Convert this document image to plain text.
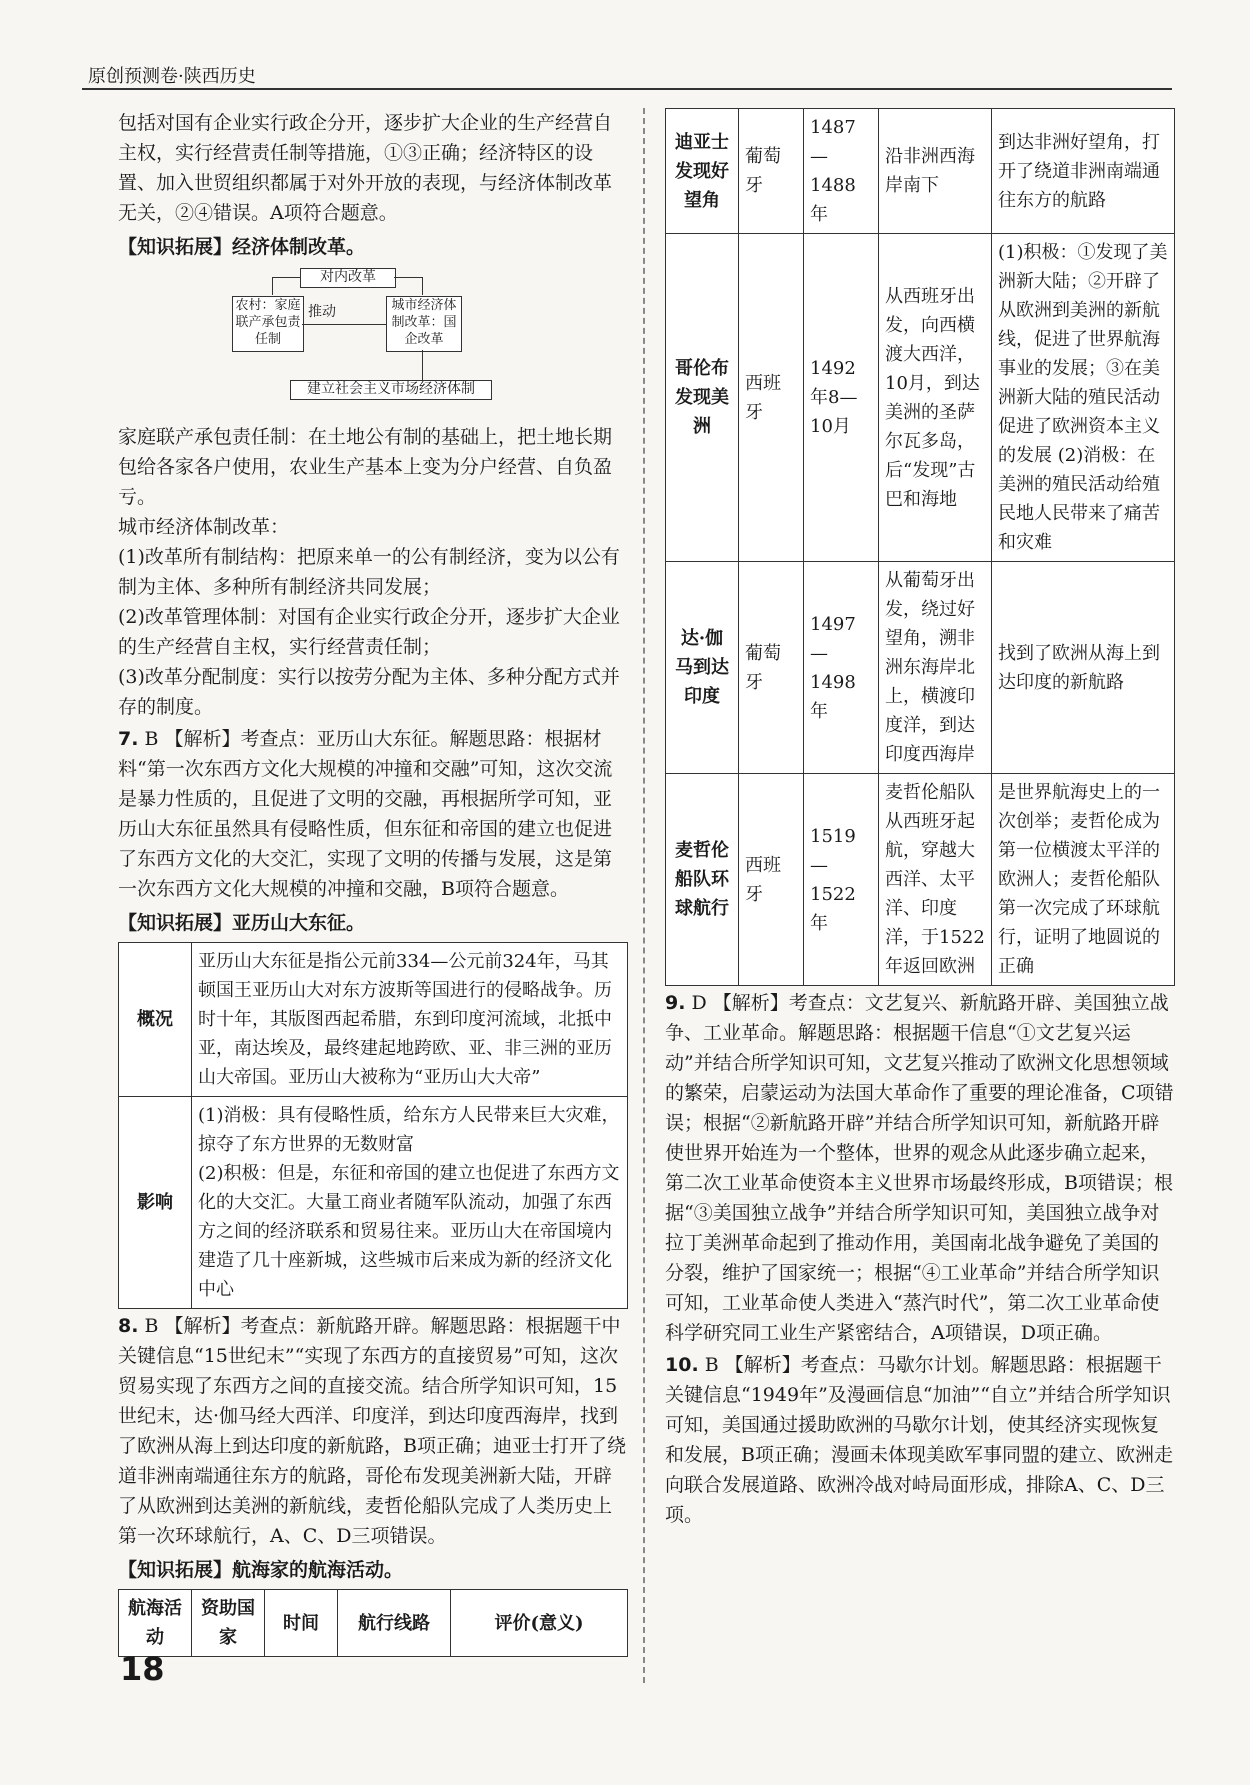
原创预测卷·陕西历史

包括对国有企业实行政企分开，逐步扩大企业的生产经营自主权，实行经营责任制等措施，①③正确；经济特区的设置、加入世贸组织都属于对外开放的表现，与经济体制改革无关，②④错误。A项符合题意。

【知识拓展】经济体制改革。

对内改革
农村：家庭联产承包责任制
推动	城市经济体制改革：国企改革
建立社会主义市场经济体制

家庭联产承包责任制：在土地公有制的基础上，把土地长期包给各家各户使用，农业生产基本上变为分户经营、自负盈亏。

城市经济体制改革：

(1)改革所有制结构：把原来单一的公有制经济，变为以公有制为主体、多种所有制经济共同发展；

(2)改革管理体制：对国有企业实行政企分开，逐步扩大企业的生产经营自主权，实行经营责任制；

(3)改革分配制度：实行以按劳分配为主体、多种分配方式并存的制度。

7. B 【解析】考查点：亚历山大东征。解题思路：根据材料“第一次东西方文化大规模的冲撞和交融”可知，这次交流是暴力性质的，且促进了文明的交融，再根据所学可知，亚历山大东征虽然具有侵略性质，但东征和帝国的建立也促进了东西方文化的大交汇，实现了文明的传播与发展，这是第一次东西方文化大规模的冲撞和交融，B项符合题意。

【知识拓展】亚历山大东征。

概况	亚历山大东征是指公元前334—公元前324年，马其顿国王亚历山大对东方波斯等国进行的侵略战争。历时十年，其版图西起希腊，东到印度河流域，北抵中亚，南达埃及，最终建起地跨欧、亚、非三洲的亚历山大帝国。亚历山大被称为“亚历山大大帝”
影响	(1)消极：具有侵略性质，给东方人民带来巨大灾难，掠夺了东方世界的无数财富
(2)积极：但是，东征和帝国的建立也促进了东西方文化的大交汇。大量工商业者随军队流动，加强了东西方之间的经济联系和贸易往来。亚历山大在帝国境内建造了几十座新城，这些城市后来成为新的经济文化中心

8. B 【解析】考查点：新航路开辟。解题思路：根据题干中关键信息“15世纪末”“实现了东西方的直接贸易”可知，这次贸易实现了东西方之间的直接交流。结合所学知识可知，15世纪末，达·伽马经大西洋、印度洋，到达印度西海岸，找到了欧洲从海上到达印度的新航路，B项正确；迪亚士打开了绕道非洲南端通往东方的航路，哥伦布发现美洲新大陆，开辟了从欧洲到达美洲的新航线，麦哲伦船队完成了人类历史上第一次环球航行，A、C、D三项错误。

【知识拓展】航海家的航海活动。

航海活动	资助国家	时间	航行线路	评价(意义)
迪亚士发现好望角	葡萄牙	1487—1488年	沿非洲西海岸南下	到达非洲好望角，打开了绕道非洲南端通往东方的航路
哥伦布发现美洲	西班牙	1492年8—10月	从西班牙出发，向西横渡大西洋，10月，到达美洲的圣萨尔瓦多岛，后“发现”古巴和海地	(1)积极：①发现了美洲新大陆；②开辟了从欧洲到美洲的新航线，促进了世界航海事业的发展；③在美洲新大陆的殖民活动促进了欧洲资本主义的发展 (2)消极：在美洲的殖民活动给殖民地人民带来了痛苦和灾难
达·伽马到达印度	葡萄牙	1497—1498年	从葡萄牙出发，绕过好望角，溯非洲东海岸北上，横渡印度洋，到达印度西海岸	找到了欧洲从海上到达印度的新航路
麦哲伦船队环球航行	西班牙	1519—1522年	麦哲伦船队从西班牙起航，穿越大西洋、太平洋、印度洋，于1522年返回欧洲	是世界航海史上的一次创举；麦哲伦成为第一位横渡太平洋的欧洲人；麦哲伦船队第一次完成了环球航行，证明了地圆说的正确

9. D 【解析】考查点：文艺复兴、新航路开辟、美国独立战争、工业革命。解题思路：根据题干信息“①文艺复兴运动”并结合所学知识可知，文艺复兴推动了欧洲文化思想领域的繁荣，启蒙运动为法国大革命作了重要的理论准备，C项错误；根据“②新航路开辟”并结合所学知识可知，新航路开辟使世界开始连为一个整体，世界的观念从此逐步确立起来，第二次工业革命使资本主义世界市场最终形成，B项错误；根据“③美国独立战争”并结合所学知识可知，美国独立战争对拉丁美洲革命起到了推动作用，美国南北战争避免了美国的分裂，维护了国家统一；根据“④工业革命”并结合所学知识可知，工业革命使人类进入“蒸汽时代”，第二次工业革命使科学研究同工业生产紧密结合，A项错误，D项正确。

10. B 【解析】考查点：马歇尔计划。解题思路：根据题干关键信息“1949年”及漫画信息“加油”“自立”并结合所学知识可知，美国通过援助欧洲的马歇尔计划，使其经济实现恢复和发展，B项正确；漫画未体现美欧军事同盟的建立、欧洲走向联合发展道路、欧洲冷战对峙局面形成，排除A、C、D三项。

18
